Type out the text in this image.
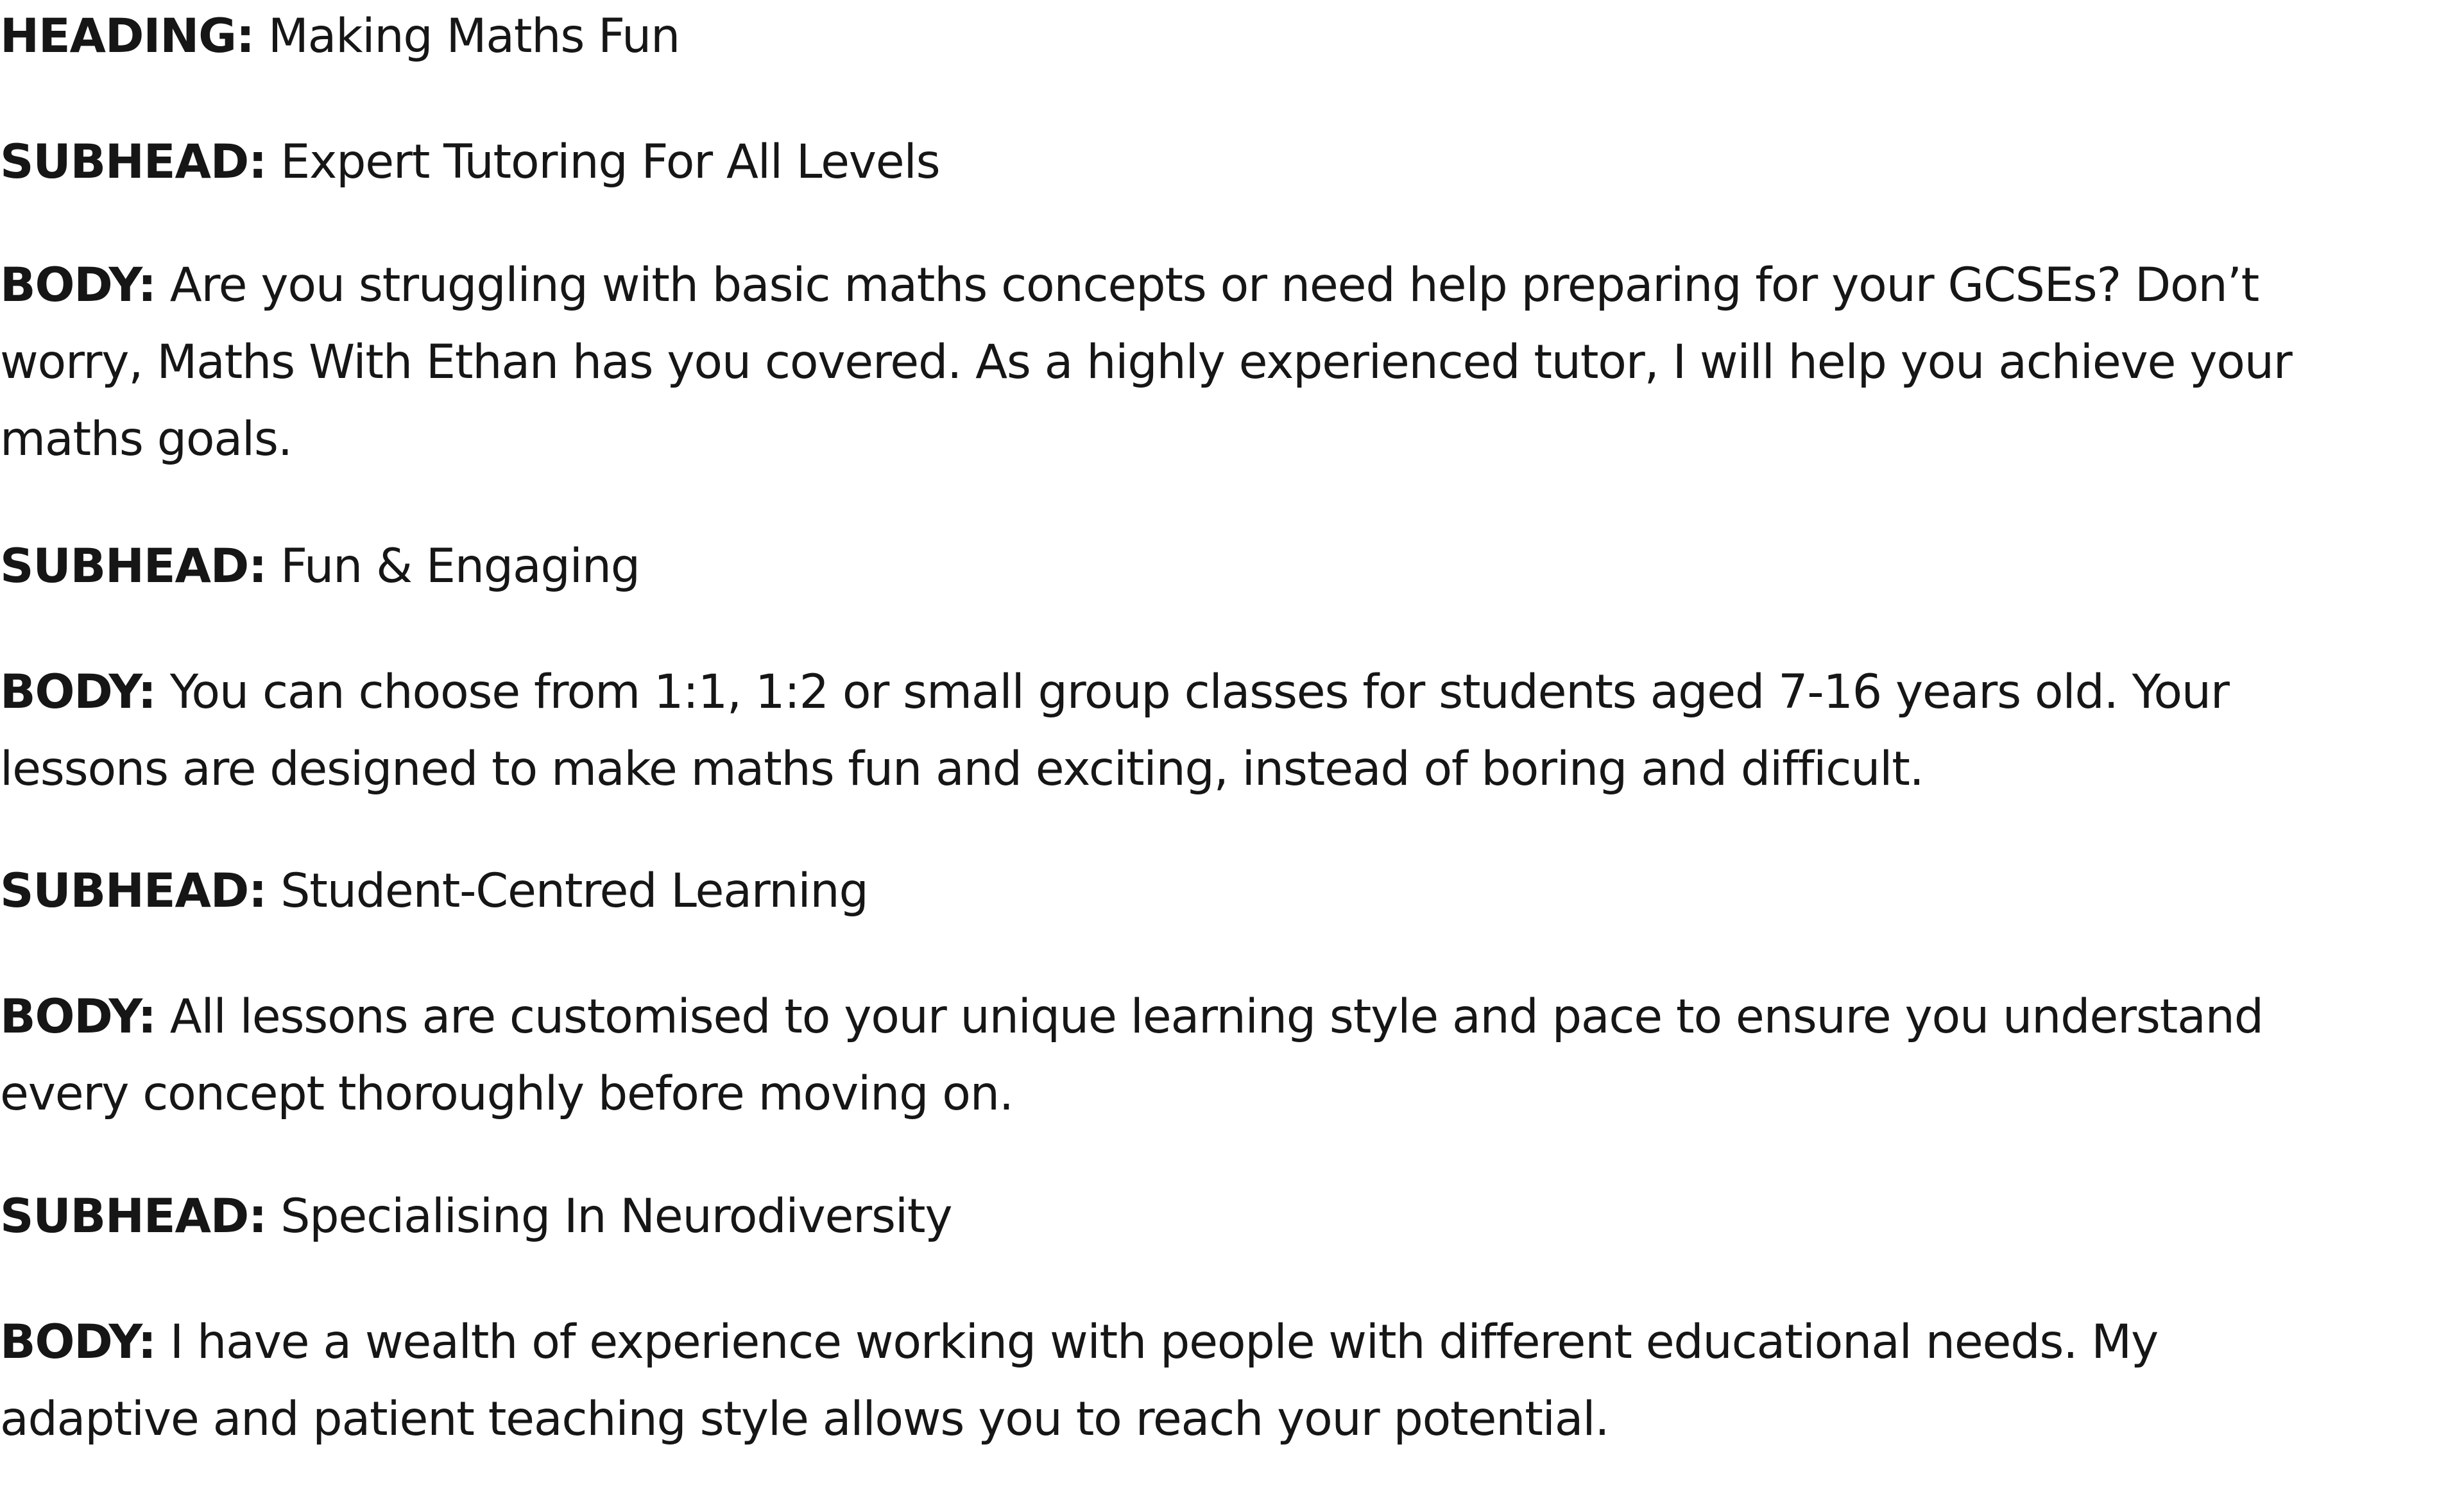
HEADING: Making Maths Fun

SUBHEAD: Expert Tutoring For All Levels

BODY: Are you struggling with basic maths concepts or need help preparing for your GCSEs? Don’t
worry, Maths With Ethan has you covered. As a highly experienced tutor, I will help you achieve your
maths goals.

SUBHEAD: Fun & Engaging

BODY: You can choose from 1:1, 1:2 or small group classes for students aged 7-16 years old. Your
lessons are designed to make maths fun and exciting, instead of boring and difficult.

SUBHEAD: Student-Centred Learning

BODY: All lessons are customised to your unique learning style and pace to ensure you understand
every concept thoroughly before moving on.

SUBHEAD: Specialising In Neurodiversity

BODY: I have a wealth of experience working with people with different educational needs. My
adaptive and patient teaching style allows you to reach your potential.
